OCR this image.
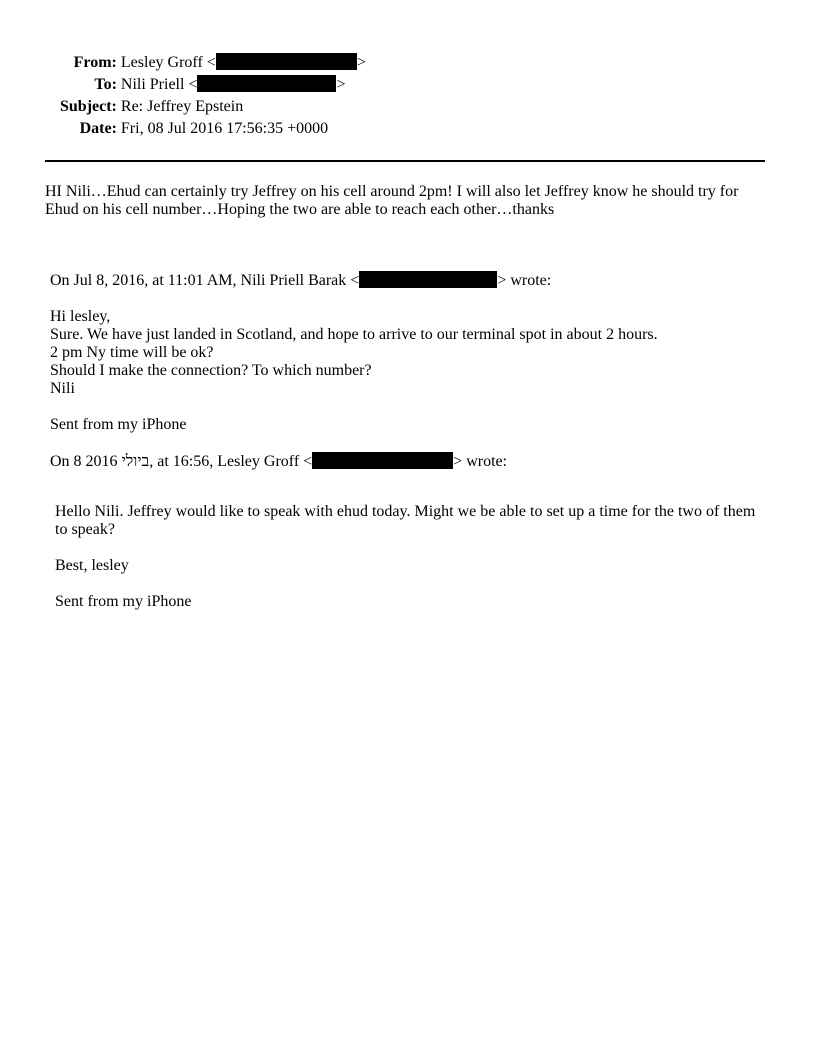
From:	Lesley Groff < >
To:	Nili Priell < >
Subject:	Re: Jeffrey Epstein
Date:	Fri, 08 Jul 2016 17:56:35 +0000
HI Nili…Ehud can certainly try Jeffrey on his cell around 2pm! I will also let Jeffrey know he should try for
Ehud on his cell number…Hoping the two are able to reach each other…thanks
On Jul 8, 2016, at 11:01 AM, Nili Priell Barak <	> wrote:
Hi lesley,
Sure. We have just landed in Scotland, and hope to arrive to our terminal spot in about 2 hours.
2 pm Ny time will be ok?
Should I make the connection? To which number?
Nili
Sent from my iPhone
On 8 2016 ביולי, at 16:56, Lesley Groff <	> wrote:
Hello Nili. Jeffrey would like to speak with ehud today. Might we be able to set up a time for the two of them
to speak?
Best, lesley
Sent from my iPhone
